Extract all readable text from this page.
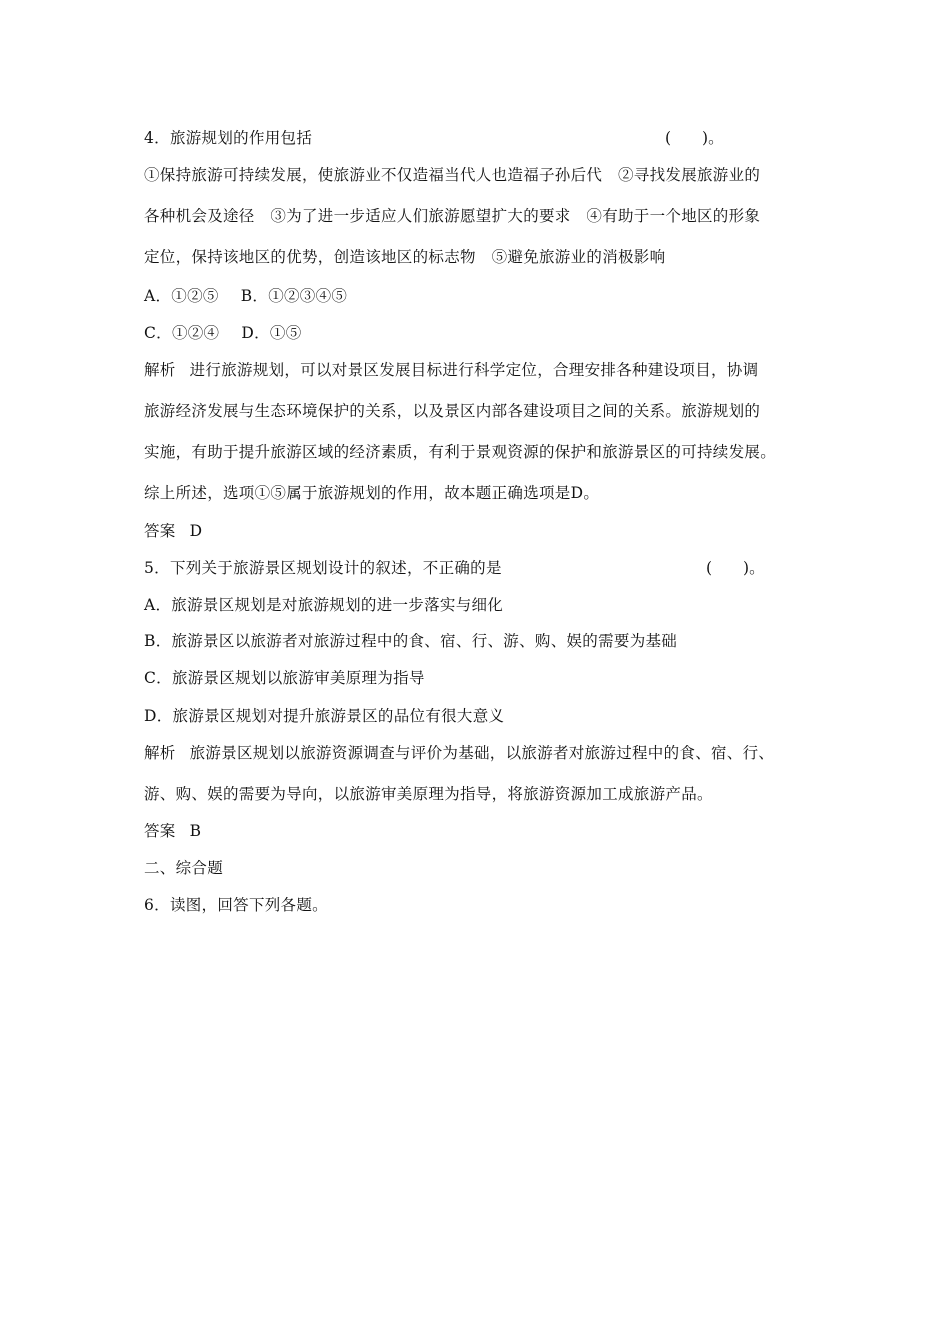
4．旅游规划的作用包括	(　　)。
①保持旅游可持续发展，使旅游业不仅造福当代人也造福子孙后代　②寻找发展旅游业的
各种机会及途径　③为了进一步适应人们旅游愿望扩大的要求　④有助于一个地区的形象
定位，保持该地区的优势，创造该地区的标志物　⑤避免旅游业的消极影响
A．①②⑤ B．①②③④⑤
C．①②④ D．①⑤
解析 进行旅游规划，可以对景区发展目标进行科学定位，合理安排各种建设项目，协调
旅游经济发展与生态环境保护的关系，以及景区内部各建设项目之间的关系。旅游规划的
实施，有助于提升旅游区域的经济素质，有利于景观资源的保护和旅游景区的可持续发展。
综上所述，选项①⑤属于旅游规划的作用，故本题正确选项是D。
答案 D
5．下列关于旅游景区规划设计的叙述，不正确的是	(　　)。
A．旅游景区规划是对旅游规划的进一步落实与细化
B．旅游景区以旅游者对旅游过程中的食、宿、行、游、购、娱的需要为基础
C．旅游景区规划以旅游审美原理为指导
D．旅游景区规划对提升旅游景区的品位有很大意义
解析 旅游景区规划以旅游资源调查与评价为基础，以旅游者对旅游过程中的食、宿、行、
游、购、娱的需要为导向，以旅游审美原理为指导，将旅游资源加工成旅游产品。
答案 B
二、综合题
6．读图，回答下列各题。
